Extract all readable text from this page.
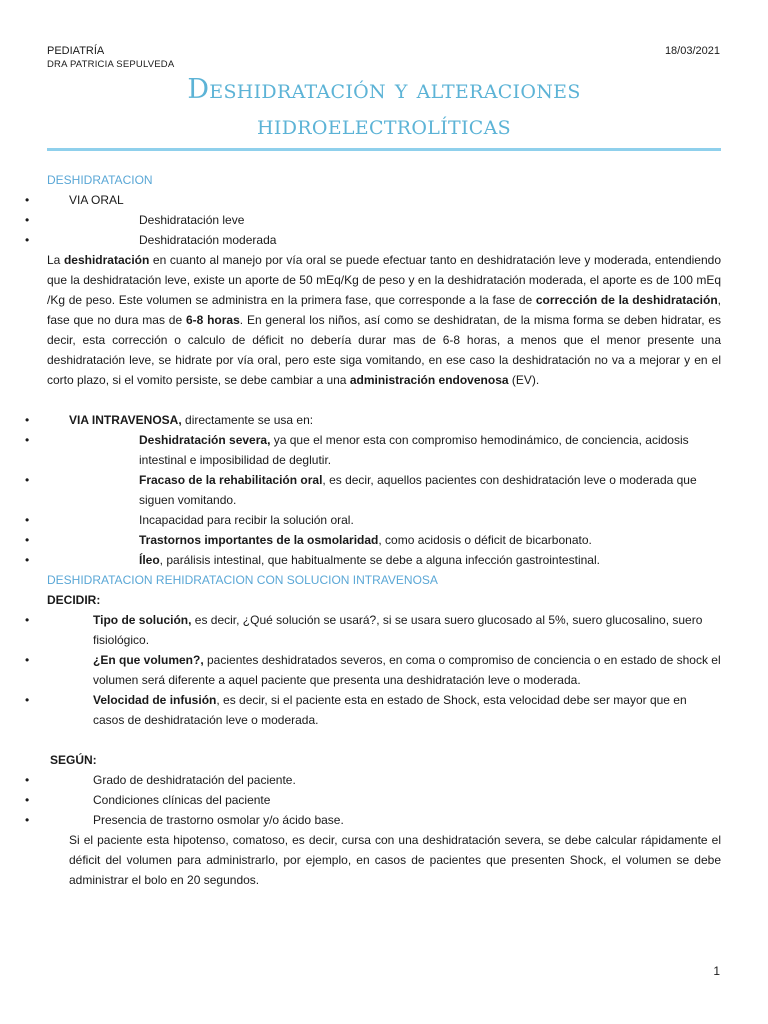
PEDIATRÍA
DRA PATRICIA SEPULVEDA
18/03/2021
Deshidratación y alteraciones
hidroelectrolíticas
DESHIDRATACION
• VIA ORAL
• Deshidratación leve
• Deshidratación moderada
La deshidratación en cuanto al manejo por vía oral se puede efectuar tanto en deshidratación leve y moderada, entendiendo que la deshidratación leve, existe un aporte de 50 mEq/Kg de peso y en la deshidratación moderada, el aporte es de 100 mEq /Kg de peso. Este volumen se administra en la primera fase, que corresponde a la fase de corrección de la deshidratación, fase que no dura mas de 6-8 horas. En general los niños, así como se deshidratan, de la misma forma se deben hidratar, es decir, esta corrección o calculo de déficit no debería durar mas de 6-8 horas, a menos que el menor presente una deshidratación leve, se hidrate por vía oral, pero este siga vomitando, en ese caso la deshidratación no va a mejorar y en el corto plazo, si el vomito persiste, se debe cambiar a una administración endovenosa (EV).
• VIA INTRAVENOSA, directamente se usa en:
• Deshidratación severa, ya que el menor esta con compromiso hemodinámico, de conciencia, acidosis intestinal e imposibilidad de deglutir.
• Fracaso de la rehabilitación oral, es decir, aquellos pacientes con deshidratación leve o moderada que siguen vomitando.
• Incapacidad para recibir la solución oral.
• Trastornos importantes de la osmolaridad, como acidosis o déficit de bicarbonato.
• Íleo, parálisis intestinal, que habitualmente se debe a alguna infección gastrointestinal.
DESHIDRATACION REHIDRATACION CON SOLUCION INTRAVENOSA
DECIDIR:
• Tipo de solución, es decir, ¿Qué solución se usará?, si se usara suero glucosado al 5%, suero glucosalino, suero fisiológico.
• ¿En que volumen?, pacientes deshidratados severos, en coma o compromiso de conciencia o en estado de shock el volumen será diferente a aquel paciente que presenta una deshidratación leve o moderada.
• Velocidad de infusión, es decir, si el paciente esta en estado de Shock, esta velocidad debe ser mayor que en casos de deshidratación leve o moderada.
SEGÚN:
• Grado de deshidratación del paciente.
• Condiciones clínicas del paciente
• Presencia de trastorno osmolar y/o ácido base.
Si el paciente esta hipotenso, comatoso, es decir, cursa con una deshidratación severa, se debe calcular rápidamente el déficit del volumen para administrarlo, por ejemplo, en casos de pacientes que presenten Shock, el volumen se debe administrar el bolo en 20 segundos.
1
